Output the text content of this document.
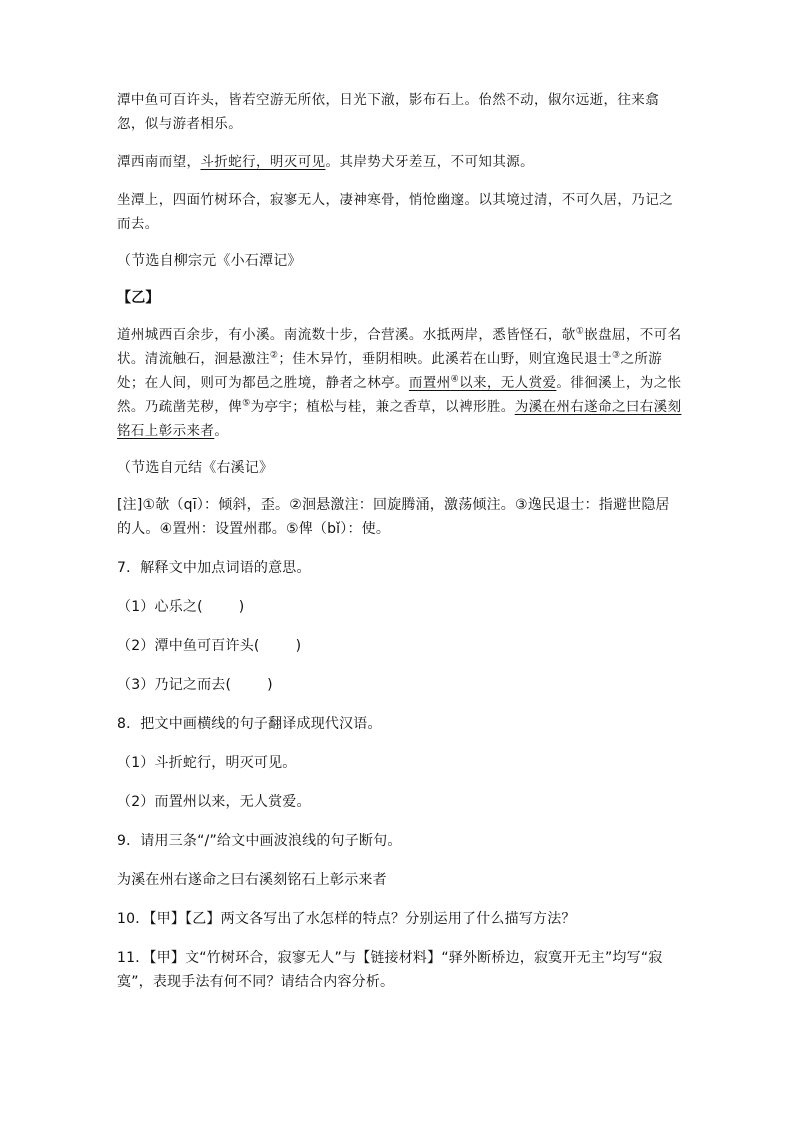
潭中鱼可百许头，皆若空游无所依，日光下澈，影布石上。佁然不动，俶尔远逝，往来翕忽，似与游者相乐。

潭西南而望，斗折蛇行，明灭可见。其岸势犬牙差互，不可知其源。

坐潭上，四面竹树环合，寂寥无人，凄神寒骨，悄怆幽邃。以其境过清，不可久居，乃记之而去。

（节选自柳宗元《小石潭记》

【乙】

道州城西百余步，有小溪。南流数十步，合营溪。水抵两岸，悉皆怪石，欹①嵌盘屈，不可名状。清流触石，洄悬激注②；佳木异竹，垂阴相映。此溪若在山野，则宜逸民退士③之所游处；在人间，则可为都邑之胜境，静者之林亭。而置州④以来，无人赏爱。徘徊溪上，为之怅然。乃疏凿芜秽，俾⑤为亭宇；植松与桂，兼之香草，以裨形胜。为溪在州右遂命之曰右溪刻铭石上彰示来者。

（节选自元结《右溪记》

[注]①欹（qī）：倾斜，歪。②洄悬激注：回旋腾涌，激荡倾注。③逸民退士：指避世隐居的人。④置州：设置州郡。⑤俾（bǐ）：使。

7．解释文中加点词语的意思。

（1）心乐之(	)

（2）潭中鱼可百许头(	)

（3）乃记之而去(	)

8．把文中画横线的句子翻译成现代汉语。

（1）斗折蛇行，明灭可见。

（2）而置州以来，无人赏爱。

9．请用三条“/”给文中画波浪线的句子断句。

为溪在州右遂命之曰右溪刻铭石上彰示来者

10．【甲】【乙】两文各写出了水怎样的特点？分别运用了什么描写方法？

11．【甲】文“竹树环合，寂寥无人”与【链接材料】“驿外断桥边，寂寞开无主”均写“寂寞”，表现手法有何不同？请结合内容分析。
